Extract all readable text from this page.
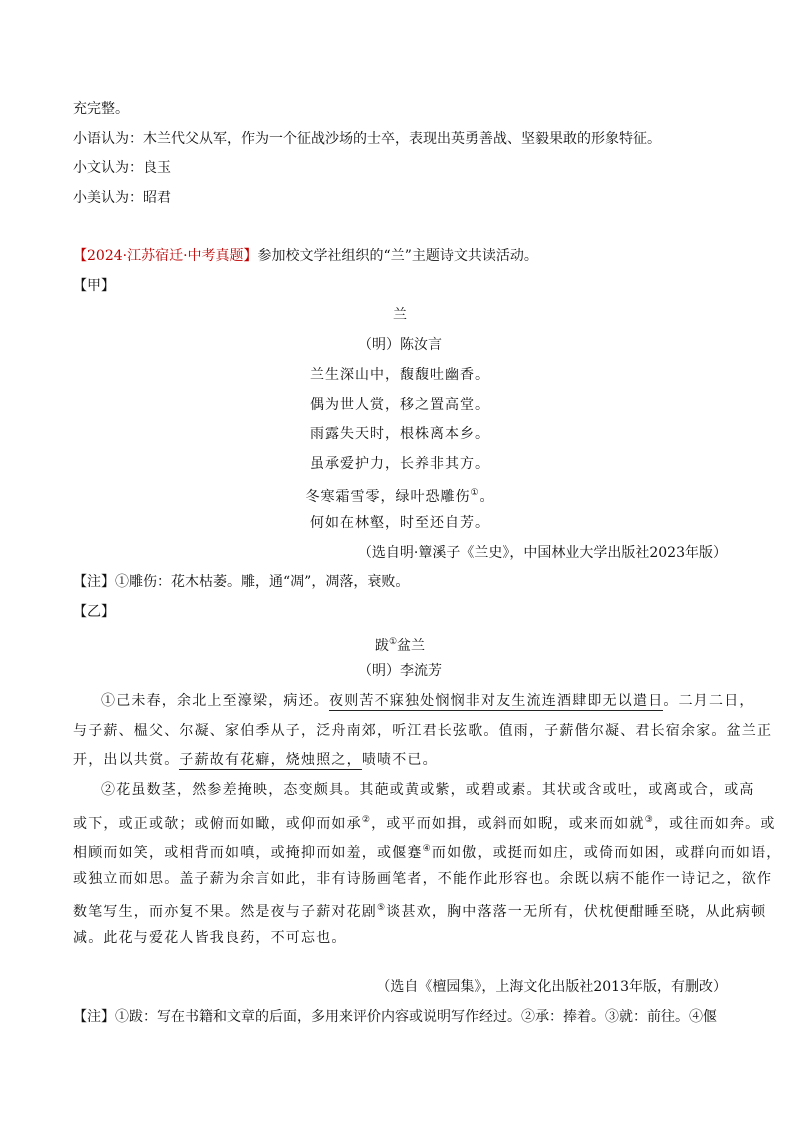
充完整。
小语认为：木兰代父从军，作为一个征战沙场的士卒，表现出英勇善战、坚毅果敢的形象特征。
小文认为：良玉
小美认为：昭君
【2024·江苏宿迁·中考真题】参加校文学社组织的“兰”主题诗文共读活动。
【甲】
兰
（明）陈汝言
兰生深山中，馥馥吐幽香。
偶为世人赏，移之置高堂。
雨露失天时，根株离本乡。
虽承爱护力，长养非其方。
冬寒霜雪零，绿叶恐雕伤①。
何如在林壑，时至还自芳。
（选自明·簟溪子《兰史》，中国林业大学出版社2023年版）
【注】①雕伤：花木枯萎。雕，通“凋”，凋落，衰败。
【乙】
跋①盆兰
（明）李流芳
①己未春，余北上至濠梁，病还。夜则苦不寐独处悯悯非对友生流连酒肆即无以遣日。二月二日，
与子薪、榅父、尔凝、家伯季从子，泛舟南郊，听江君长弦歌。值雨，子薪偕尔凝、君长宿余家。盆兰正
开，出以共赏。子薪故有花癖，烧烛照之，啧啧不已。
②花虽数茎，然参差掩映，态变颇具。其葩或黄或紫，或碧或素。其状或含或吐，或离或合，或高
或下，或正或欹；或俯而如瞰，或仰而如承②，或平而如揖，或斜而如睨，或来而如就③，或往而如奔。或
相顾而如笑，或相背而如嗔，或掩抑而如羞，或偃蹇④而如傲，或挺而如庄，或倚而如困，或群向而如语，
或独立而如思。盖子薪为余言如此，非有诗肠画笔者，不能作此形容也。余既以病不能作一诗记之，欲作
数笔写生，而亦复不果。然是夜与子薪对花剧⑤谈甚欢，胸中落落一无所有，伏枕便酣睡至晓，从此病顿
减。此花与爱花人皆我良药，不可忘也。
（选自《檀园集》，上海文化出版社2013年版，有删改）
【注】①跋：写在书籍和文章的后面，多用来评价内容或说明写作经过。②承：捧着。③就：前往。④偃
